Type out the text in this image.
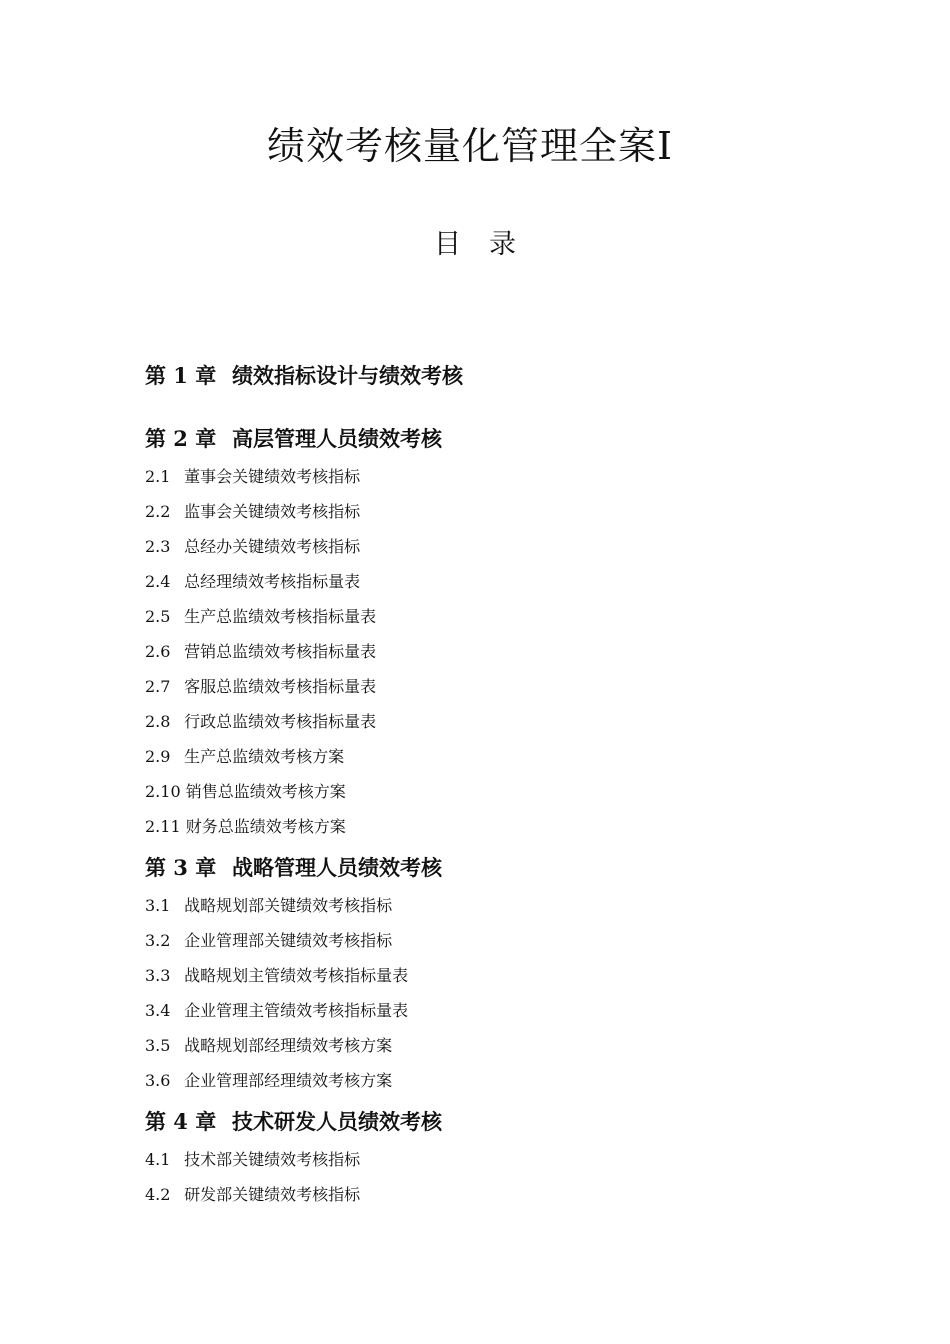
绩效考核量化管理全案Ⅰ
目 录
第 1 章 绩效指标设计与绩效考核
第 2 章 高层管理人员绩效考核
2.1 董事会关键绩效考核指标
2.2 监事会关键绩效考核指标
2.3 总经办关键绩效考核指标
2.4 总经理绩效考核指标量表
2.5 生产总监绩效考核指标量表
2.6 营销总监绩效考核指标量表
2.7 客服总监绩效考核指标量表
2.8 行政总监绩效考核指标量表
2.9 生产总监绩效考核方案
2.10 销售总监绩效考核方案
2.11 财务总监绩效考核方案
第 3 章 战略管理人员绩效考核
3.1 战略规划部关键绩效考核指标
3.2 企业管理部关键绩效考核指标
3.3 战略规划主管绩效考核指标量表
3.4 企业管理主管绩效考核指标量表
3.5 战略规划部经理绩效考核方案
3.6 企业管理部经理绩效考核方案
第 4 章 技术研发人员绩效考核
4.1 技术部关键绩效考核指标
4.2 研发部关键绩效考核指标
